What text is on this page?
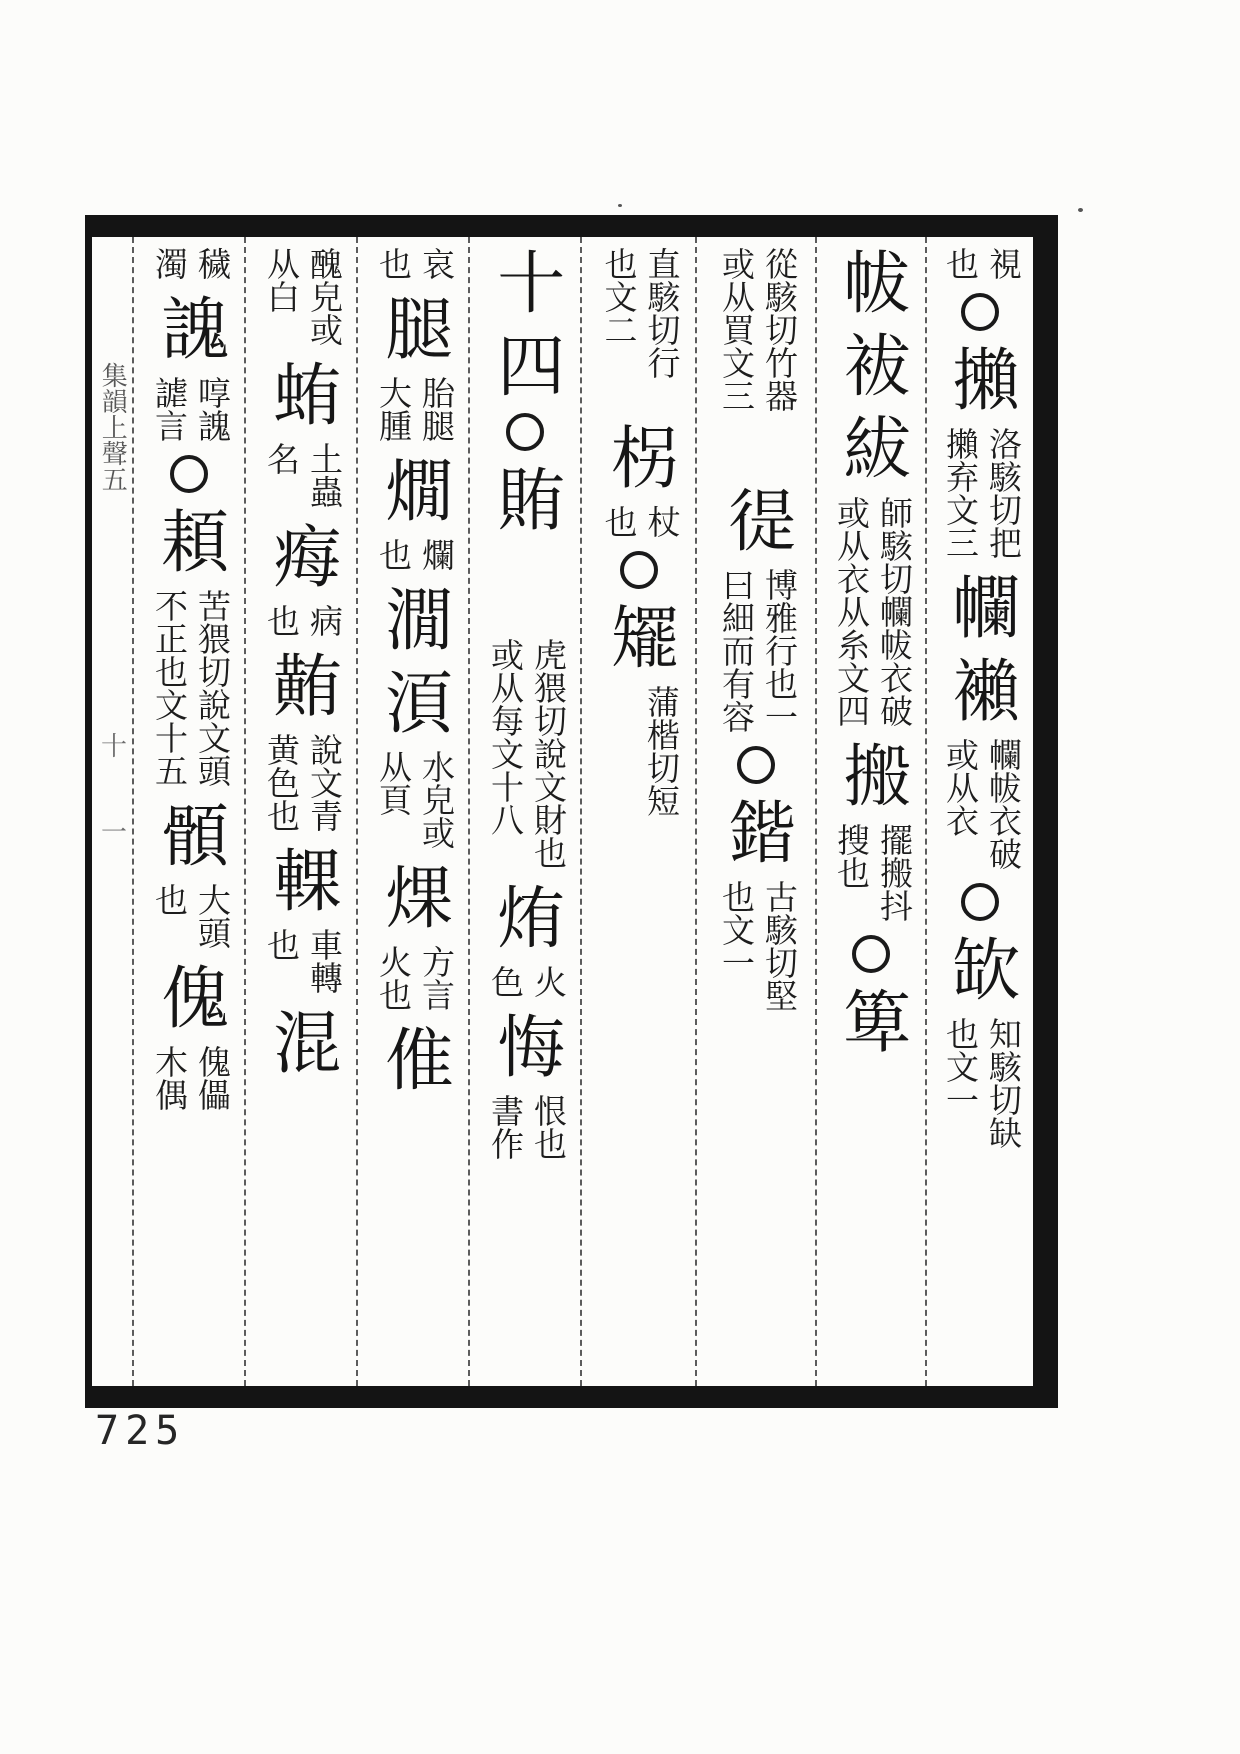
集韻上聲五
十
一
穢
濁
謉
啍謉
謔言
頛
苦猥切說文頭
不正也文十五
顝
大頭
也
傀
傀儡
木偶
醜皃或
从白
蛕
土蟲
名
痗
病
也
䵋
說文青
黄色也
輠
車轉
也
混
哀
也
腿
胎腿
大腫
燗
爛
也
㵎
湏
水皃或
从頁
㷄
方言
火也
倠
十
四
賄
𧵕
虎猥切說文財也
或从每文十八
烠
火
色
悔
恨也
書作
直駭切行
也文二
柺
杖
也
矲
蒲楷切短
從駭切竹器
或从買文三
徥
博雅行也一
曰細而有容
鍇
古駭切堅
也文一
帗
袚
紱
師駭切幱帗衣破
或从衣从糸文四
搬
擺搬抖
搜也
箄
視
也
攋
洛駭切把
攋弃文三
幱
襰
幱帗衣破
或从衣
缼
知駭切缺
也文一
725
